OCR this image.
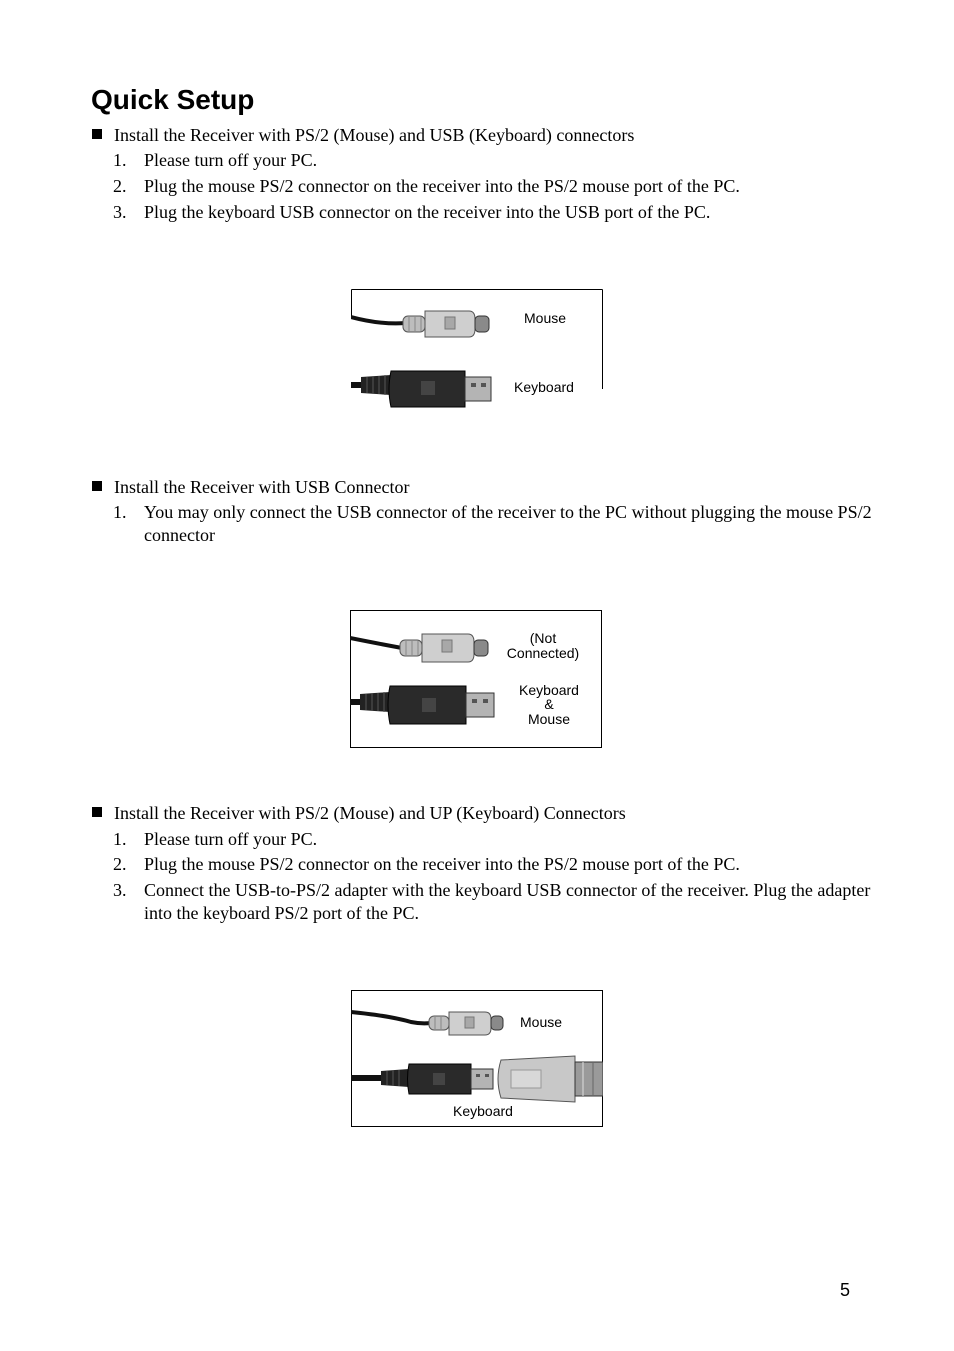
Quick Setup
Install the Receiver with PS/2 (Mouse) and USB (Keyboard) connectors
1. Please turn off your PC.
2. Plug the mouse PS/2 connector on the receiver into the PS/2 mouse port of the PC.
3. Plug the keyboard USB connector on the receiver into the USB port of the PC.
Mouse
Keyboard
Install the Receiver with USB Connector
1. You may only connect the USB connector of the receiver to the PC without plugging the mouse PS/2 connector
(Not
Connected)
Keyboard
&
Mouse
Install the Receiver with PS/2 (Mouse) and UP (Keyboard) Connectors
1. Please turn off your PC.
2. Plug the mouse PS/2 connector on the receiver into the PS/2 mouse port of the PC.
3. Connect the USB-to-PS/2 adapter with the keyboard USB connector of the receiver. Plug the adapter into the keyboard PS/2 port of the PC.
Mouse
Keyboard
5
